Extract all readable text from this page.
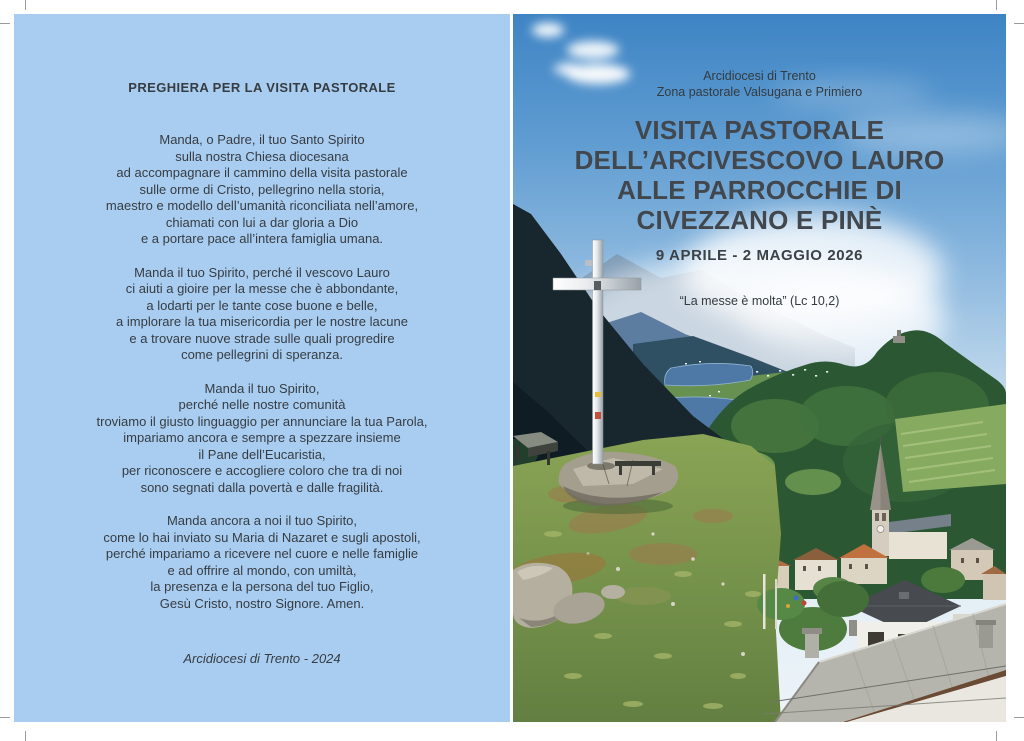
PREGHIERA PER LA VISITA PASTORALE
Manda, o Padre, il tuo Santo Spirito
sulla nostra Chiesa diocesana
ad accompagnare il cammino della visita pastorale
sulle orme di Cristo, pellegrino nella storia,
maestro e modello dell’umanità riconciliata nell’amore,
chiamati con lui a dar gloria a Dio
e a portare pace all’intera famiglia umana.
Manda il tuo Spirito, perché il vescovo Lauro
ci aiuti a gioire per la messe che è abbondante,
a lodarti per le tante cose buone e belle,
a implorare la tua misericordia per le nostre lacune
e a trovare nuove strade sulle quali progredire
come pellegrini di speranza.
Manda il tuo Spirito,
perché nelle nostre comunità
troviamo il giusto linguaggio per annunciare la tua Parola,
impariamo ancora e sempre a spezzare insieme
il Pane dell’Eucaristia,
per riconoscere e accogliere coloro che tra di noi
sono segnati dalla povertà e dalle fragilità.
Manda ancora a noi il tuo Spirito,
come lo hai inviato su Maria di Nazaret e sugli apostoli,
perché impariamo a ricevere nel cuore e nelle famiglie
e ad offrire al mondo, con umiltà,
la presenza e la persona del tuo Figlio,
Gesù Cristo, nostro Signore. Amen.
Arcidiocesi di Trento - 2024
Arcidiocesi di Trento
Zona pastorale Valsugana e Primiero
VISITA PASTORALE
DELL’ARCIVESCOVO LAURO
ALLE PARROCCHIE DI
CIVEZZANO E PINÈ
9 APRILE - 2 MAGGIO 2026
“La messe è molta” (Lc 10,2)
